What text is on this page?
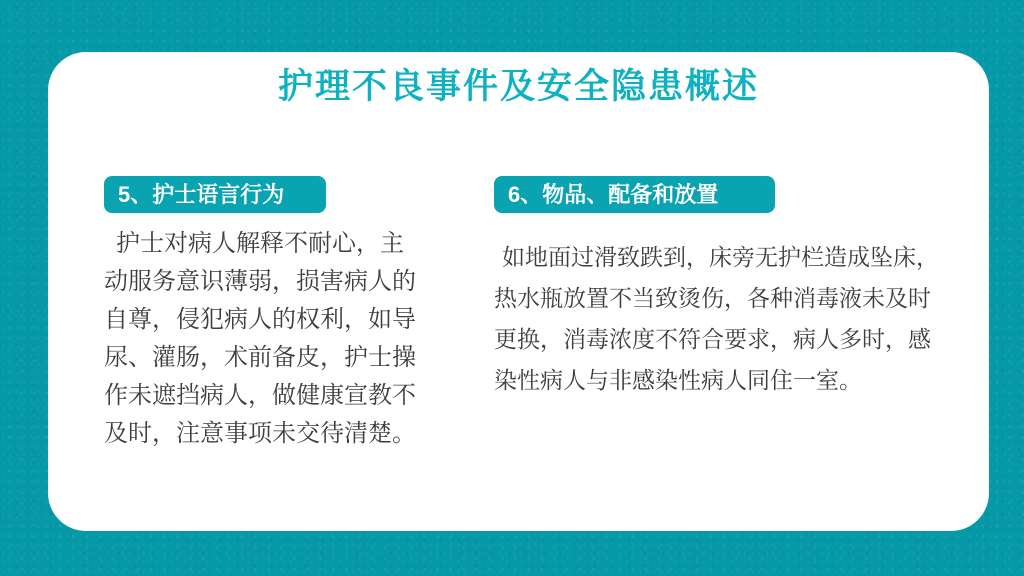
护理不良事件及安全隐患概述
5、护士语言行为

护士对病人解释不耐心，主动服务意识薄弱，损害病人的自尊，侵犯病人的权利，如导尿、灌肠，术前备皮，护士操作未遮挡病人，做健康宣教不及时，注意事项未交待清楚。

6、物品、配备和放置

如地面过滑致跌到，床旁无护栏造成坠床，热水瓶放置不当致烫伤，各种消毒液未及时更换，消毒浓度不符合要求，病人多时，感染性病人与非感染性病人同住一室。
